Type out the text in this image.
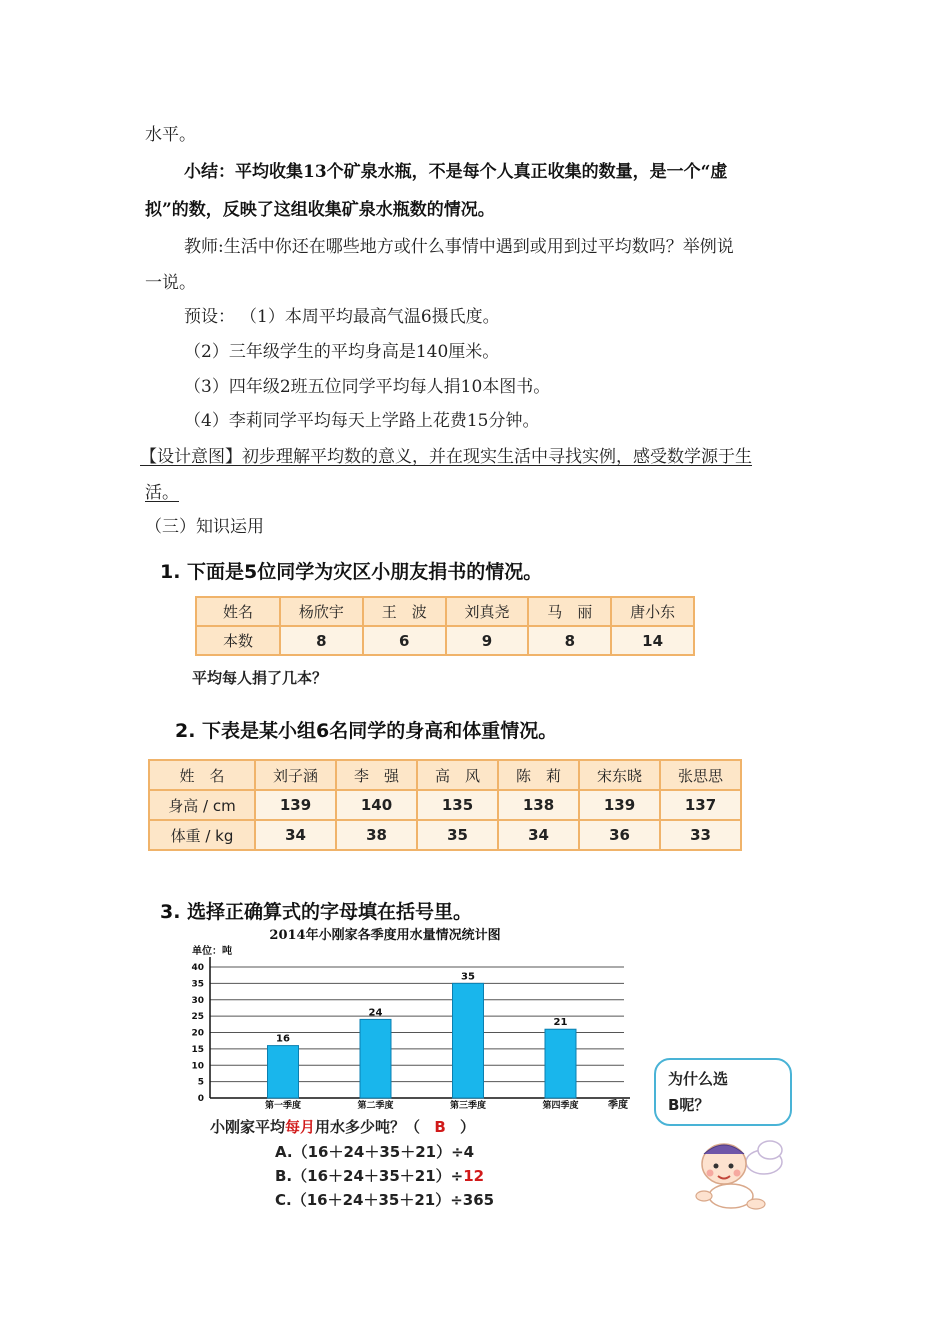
水平。
小结：平均收集13个矿泉水瓶，不是每个人真正收集的数量，是一个“虚
拟”的数，反映了这组收集矿泉水瓶数的情况。
教师:生活中你还在哪些地方或什么事情中遇到或用到过平均数吗？举例说
一说。
预设： （1）本周平均最高气温6摄氏度。
（2）三年级学生的平均身高是140厘米。
（3）四年级2班五位同学平均每人捐10本图书。
（4）李莉同学平均每天上学路上花费15分钟。
【设计意图】初步理解平均数的意义，并在现实生活中寻找实例，感受数学源于生
活。
（三）知识运用
1. 下面是5位同学为灾区小朋友捐书的情况。
姓名	杨欣宇	王　波	刘真尧	马　丽	唐小东
本数	8	6	9	8	14
平均每人捐了几本？
2. 下表是某小组6名同学的身高和体重情况。
姓　名	刘子涵	李　强	高　风	陈　莉	宋东晓	张思思
身高 / cm	139	140	135	138	139	137
体重 / kg	34	38	35	34	36	33
3. 选择正确算式的字母填在括号里。
2014年小刚家各季度用水量情况统计图
单位：吨
0
5
10
15
20
25
30
35
40
16
第一季度
24
第二季度
35
第三季度
21
第四季度	季度
小刚家平均每月用水多少吨？（ B ）
A.（16＋24＋35＋21）÷4
B.（16＋24＋35＋21）÷12
C.（16＋24＋35＋21）÷365
为什么选
B呢？
